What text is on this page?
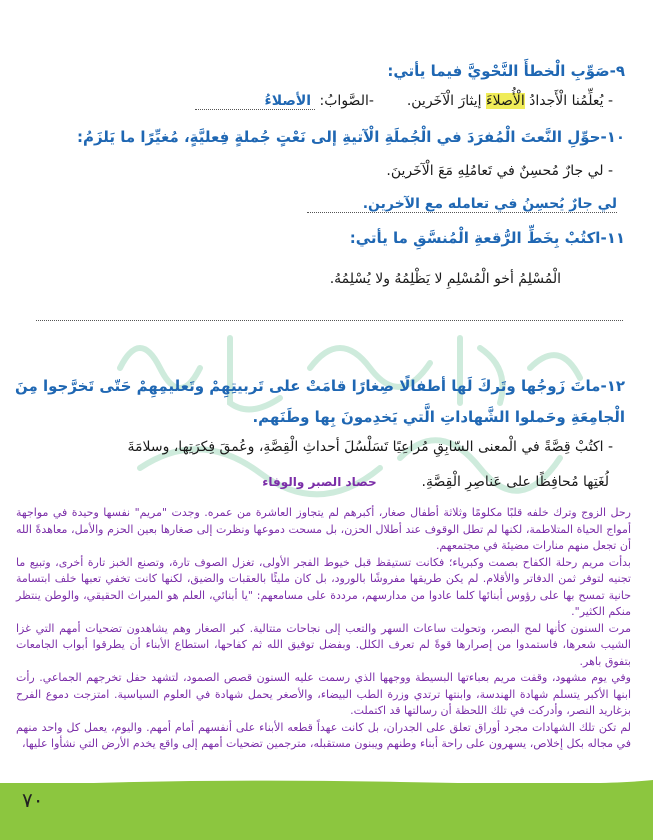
٩-صَوِّبِ الْخطأَ النَّحْويَّ فيما يأتي:
- يُعلِّمُنا الْأَجدادُ الْأُصلاءَ إيثارَ الْآخَرين.  -الصَّوابُ: الأصلاءُ
١٠-حوِّلِ النَّعتَ الْمُفرَدَ في الْجُملَةِ الْآتيةِ إلى نَعْتٍ جُملةٍ فِعليَّةٍ، مُغيِّرًا ما يَلزَمُ:
- لي جارٌ مُحسِنٌ في تَعامُلِهِ مَعَ الْآخَرينَ.
لي جارٌ يُحسِنُ في تعامله مع الآخرين.
١١-اكتُبْ بِخَطِّ الرُّقعةِ الْمُنسَّقِ ما يأتي:
الْمُسْلِمُ أخو الْمُسْلِمِ لا يَظْلِمُهُ ولا يُسْلِمُهُ.
١٢-ماتَ زَوجُها وتَركَ لَها أطفالًا صِغارًا قامَتْ على تَربيتِهِمْ وتَعليمِهِمْ حَتّى تَخرَّجوا مِنَ
الْجامِعَةِ وحَملوا الشَّهاداتِ الَّتي يَخدِمونَ بِها وطَنَهم.
- اكتُبْ قِصَّةً في الْمعنى السّابِقِ مُراعِيًا تَسَلْسُلَ أحداثِ الْقِصَّةِ، وعُمقَ فِكرَتِها، وسلامَةَ
لُغَتِها مُحافِظًا على عَناصِرِ الْقِصَّةِ.  حصاد الصبر والوفاء

رحل الزوج وترك خلفه قلبًا مكلومًا وثلاثة أطفال صغار، أكبرهم لم يتجاوز العاشرة من عمره. وجدت "مريم" نفسها وحيدة في مواجهة أمواج الحياة المتلاطمة، لكنها لم تطل الوقوف عند أطلال الحزن، بل مسحت دموعها ونظرت إلى صغارها بعين الحزم والأمل، معاهدةً الله أن تجعل منهم منارات مضيئة في مجتمعهم.

بدأت مريم رحلة الكفاح بصمت وكبرياء؛ فكانت تستيقظ قبل خيوط الفجر الأولى، تغزل الصوف تارة، وتصنع الخبز تارة أخرى، وتبيع ما تجنيه لتوفر ثمن الدفاتر والأقلام. لم يكن طريقها مفروشًا بالورود، بل كان مليئًا بالعقبات والضيق، لكنها كانت تخفي تعبها خلف ابتسامة حانية تمسح بها على رؤوس أبنائها كلما عادوا من مدارسهم، مرددة على مسامعهم: "يا أبنائي، العلم هو الميراث الحقيقي، والوطن ينتظر منكم الكثير".

مرت السنون كأنها لمح البصر، وتحولت ساعات السهر والتعب إلى نجاحات متتالية. كبر الصغار وهم يشاهدون تضحيات أمهم التي غزا الشيب شعرها، فاستمدوا من إصرارها قوةً لم تعرف الكلل. وبفضل توفيق الله ثم كفاحها، استطاع الأبناء أن يطرقوا أبواب الجامعات بتفوق باهر.

وفي يوم مشهود، وقفت مريم بعباءتها البسيطة ووجهها الذي رسمت عليه السنون قصص الصمود، لتشهد حفل تخرجهم الجماعي. رأت ابنها الأكبر يتسلم شهادة الهندسة، وابنتها ترتدي وزرة الطب البيضاء، والأصغر يحمل شهادة في العلوم السياسية. امتزجت دموع الفرح بزغاريد النصر، وأدركت في تلك اللحظة أن رسالتها قد اكتملت.

لم تكن تلك الشهادات مجرد أوراق تعلق على الجدران، بل كانت عهداً قطعه الأبناء على أنفسهم أمام أمهم. واليوم، يعمل كل واحد منهم في مجاله بكل إخلاص، يسهرون على راحة أبناء وطنهم ويبنون مستقبله، مترجمين تضحيات أمهم إلى واقع يخدم الأرض التي نشأوا عليها،

٧٠
